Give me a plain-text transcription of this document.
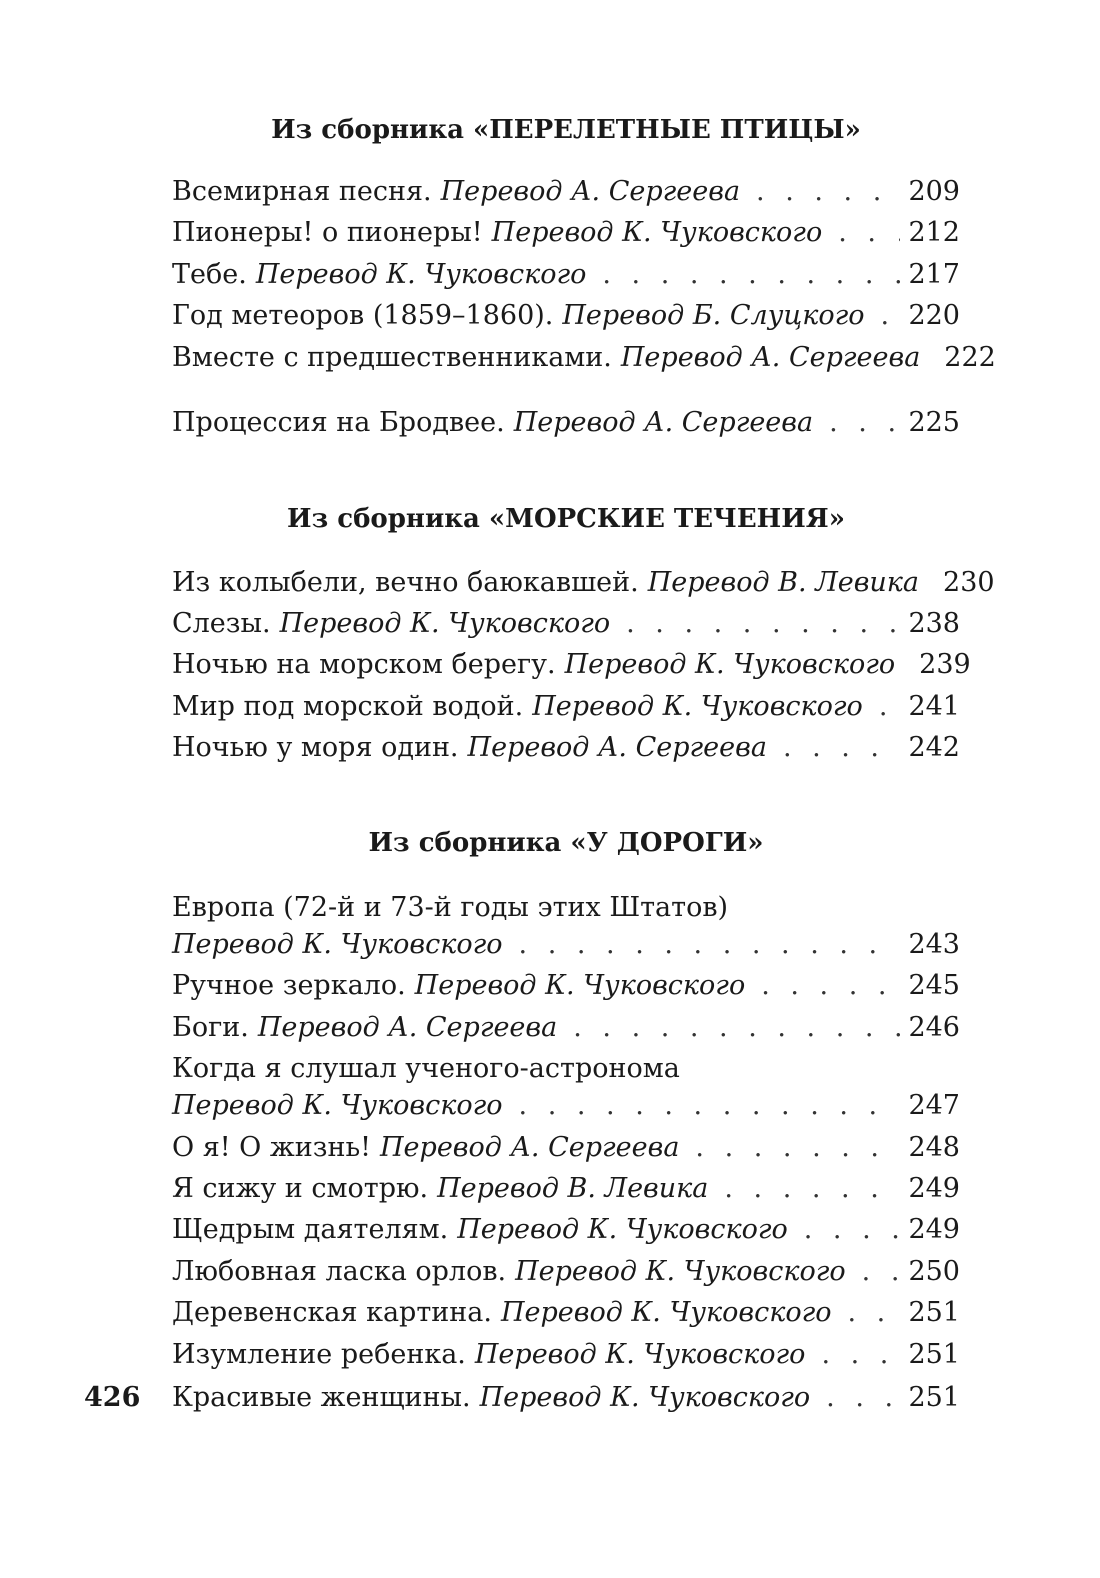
Из сборника «ПЕРЕЛЕТНЫЕ ПТИЦЫ»
Всемирная песня. Перевод А. Сергеева . . .	209
Пионеры! о пионеры! Перевод К. Чуковского . . .	212
Тебе. Перевод К. Чуковского . . .	217
Год метеоров (1859–1860). Перевод Б. Слуцкого . . . 220
Вместе с предшественниками. Перевод А. Сергеева 222
Процессия на Бродвее. Перевод А. Сергеева . . .	225
Из сборника «МОРСКИЕ ТЕЧЕНИЯ»
Из колыбели, вечно баюкавшей. Перевод В. Левика 230
Слезы. Перевод К. Чуковского . . .	238
Ночью на морском берегу. Перевод К. Чуковского 239
Мир под морской водой. Перевод К. Чуковского . . . 241
Ночью у моря один. Перевод А. Сергеева . . .	242
Из сборника «У ДОРОГИ»
Европа (72-й и 73-й годы этих Штатов)
Перевод К. Чуковского . . .	243
Ручное зеркало. Перевод К. Чуковского . . .	245
Боги. Перевод А. Сергеева . . .	246
Когда я слушал ученого-астронома
Перевод К. Чуковского . . .	247
О я! О жизнь! Перевод А. Сергеева . . .	248
Я сижу и смотрю. Перевод В. Левика . . .	249
Щедрым даятелям. Перевод К. Чуковского . . .	249
Любовная ласка орлов. Перевод К. Чуковского . . . 250
Деревенская картина. Перевод К. Чуковского . . .	251
Изумление ребенка. Перевод К. Чуковского . . .	251
Красивые женщины. Перевод К. Чуковского . . .	251
426
